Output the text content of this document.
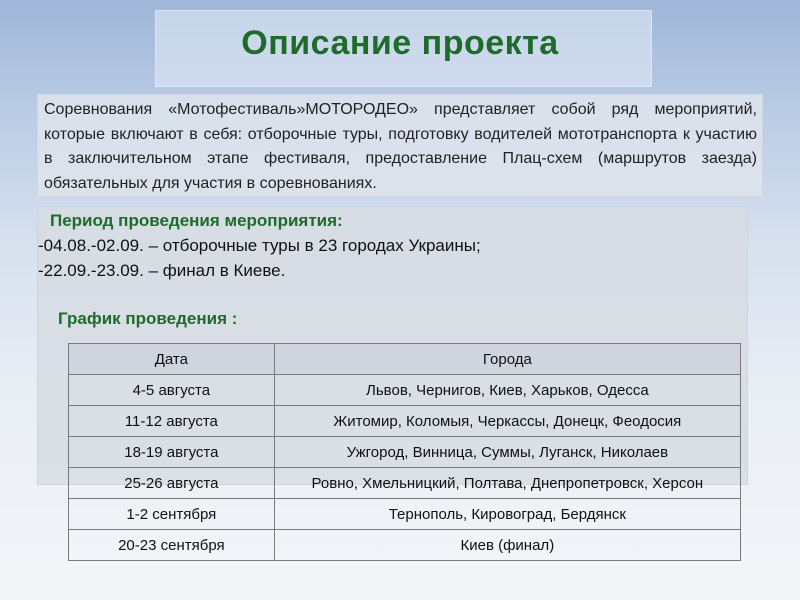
Описание проекта
Соревнования «Мотофестиваль»МОТОРОДЕО» представляет собой ряд мероприятий, которые включают в себя: отборочные туры, подготовку водителей мототранспорта к участию в заключительном этапе фестиваля, предоставление Плац-схем (маршрутов заезда) обязательных для участия в соревнованиях.
Период проведения мероприятия:
-04.08.-02.09. – отборочные туры в 23 городах Украины;
-22.09.-23.09. – финал в Киеве.
График проведения :
Дата	Города
4-5 августа	Львов, Чернигов, Киев, Харьков, Одесса
11-12 августа	Житомир, Коломыя, Черкассы, Донецк, Феодосия
18-19 августа	Ужгород, Винница, Суммы, Луганск, Николаев
25-26 августа	Ровно, Хмельницкий, Полтава, Днепропетровск, Херсон
1-2 сентября	Тернополь, Кировоград, Бердянск
20-23 сентября	Киев (финал)
